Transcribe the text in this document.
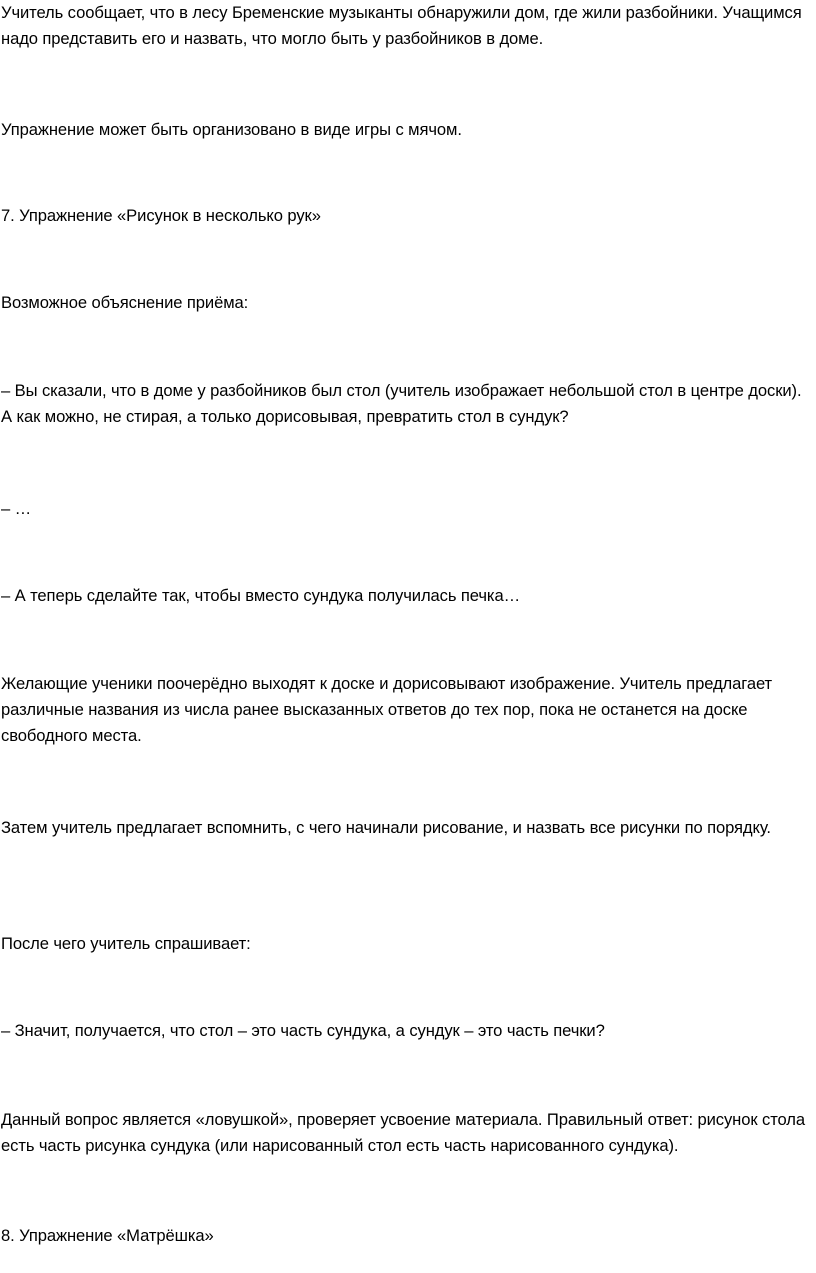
Учитель сообщает, что в лесу Бременские музыканты обнаружили дом, где жили разбойники. Учащимся надо представить его и назвать, что могло быть у разбойников в доме.

Упражнение может быть организовано в виде игры с мячом.

7. Упражнение «Рисунок в несколько рук»

Возможное объяснение приёма:

– Вы сказали, что в доме у разбойников был стол (учитель изображает небольшой стол в центре доски). А как можно, не стирая, а только дорисовывая, превратить стол в сундук?

– …

– А теперь сделайте так, чтобы вместо сундука получилась печка…

Желающие ученики поочерёдно выходят к доске и дорисовывают изображение. Учитель предлагает различные названия из числа ранее высказанных ответов до тех пор, пока не останется на доске свободного места.

Затем учитель предлагает вспомнить, с чего начинали рисование, и назвать все рисунки по порядку.

После чего учитель спрашивает:

– Значит, получается, что стол – это часть сундука, а сундук – это часть печки?

Данный вопрос является «ловушкой», проверяет усвоение материала. Правильный ответ: рисунок стола есть часть рисунка сундука (или нарисованный стол есть часть нарисованного сундука).

8. Упражнение «Матрёшка»
